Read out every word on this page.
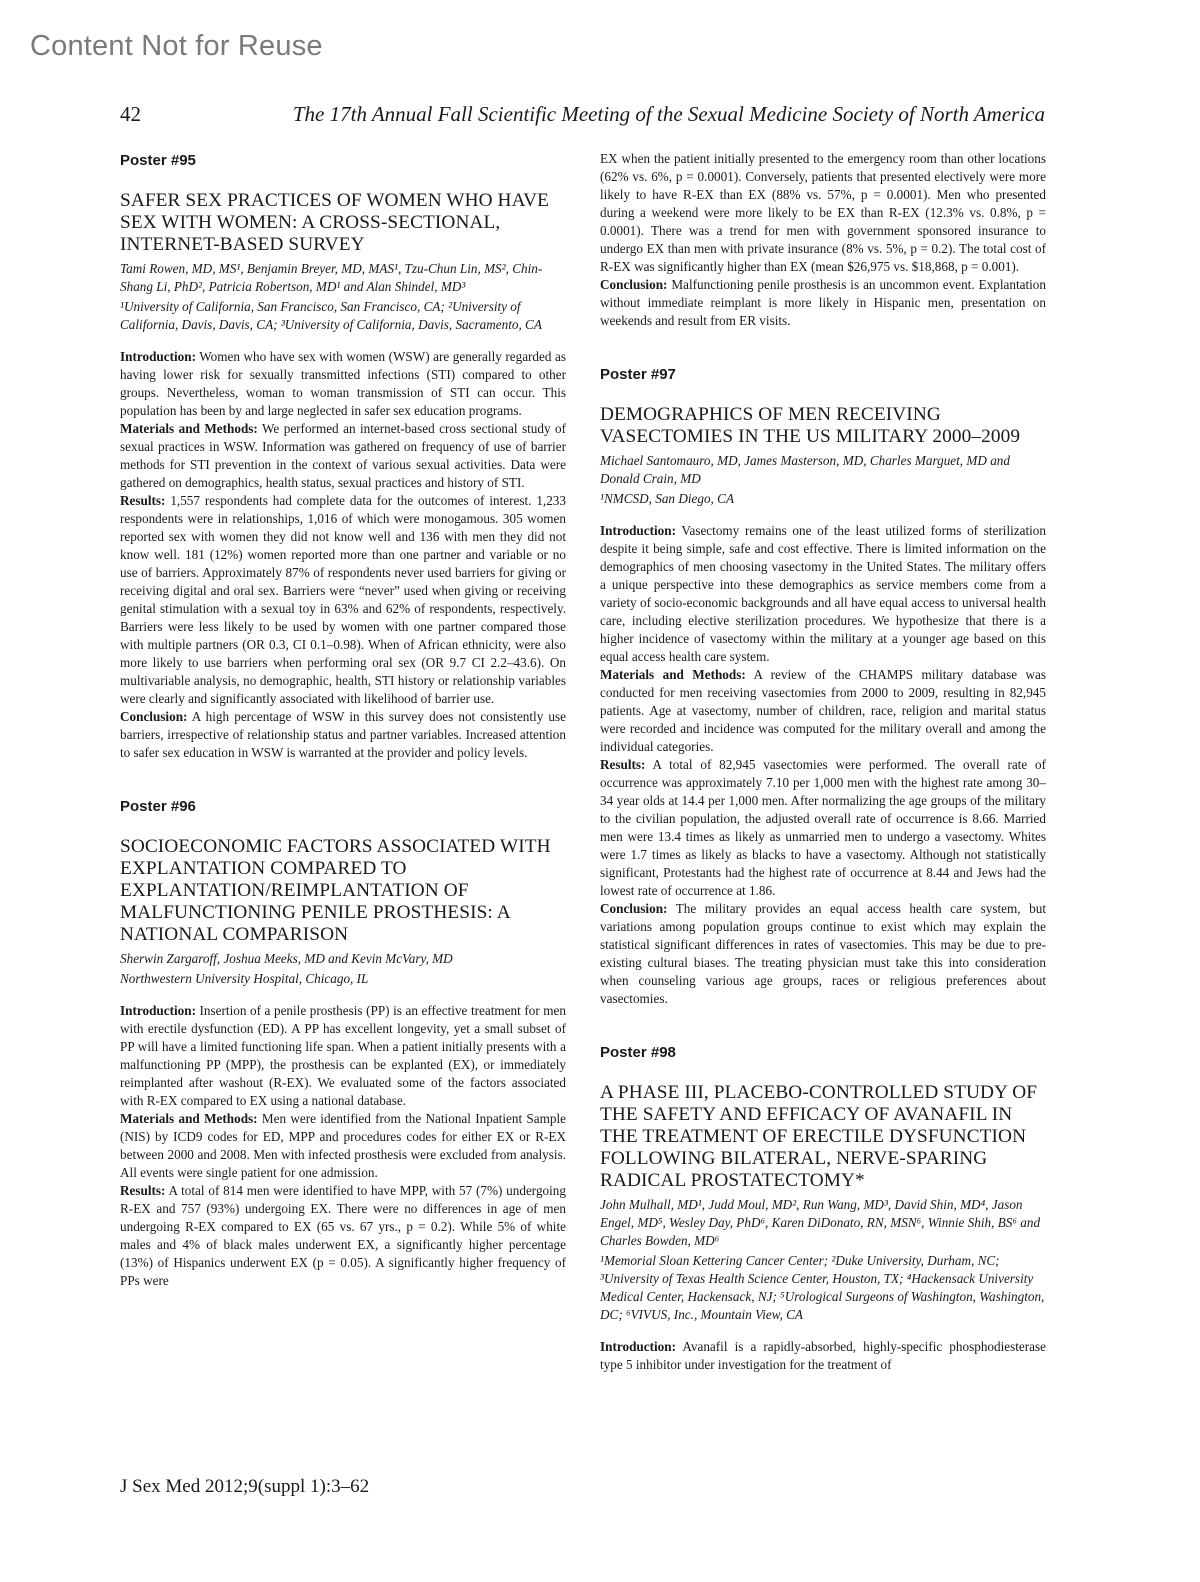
Content Not for Reuse
42	The 17th Annual Fall Scientific Meeting of the Sexual Medicine Society of North America
Poster #95
SAFER SEX PRACTICES OF WOMEN WHO HAVE SEX WITH WOMEN: A CROSS-SECTIONAL, INTERNET-BASED SURVEY

Tami Rowen, MD, MS¹, Benjamin Breyer, MD, MAS¹, Tzu-Chun Lin, MS², Chin-Shang Li, PhD², Patricia Robertson, MD¹ and Alan Shindel, MD³

¹University of California, San Francisco, San Francisco, CA; ²University of California, Davis, Davis, CA; ³University of California, Davis, Sacramento, CA

Introduction: Women who have sex with women (WSW) are generally regarded as having lower risk for sexually transmitted infections (STI) compared to other groups. Nevertheless, woman to woman transmission of STI can occur. This population has been by and large neglected in safer sex education programs.

Materials and Methods: We performed an internet-based cross sectional study of sexual practices in WSW. Information was gathered on frequency of use of barrier methods for STI prevention in the context of various sexual activities. Data were gathered on demographics, health status, sexual practices and history of STI.

Results: 1,557 respondents had complete data for the outcomes of interest. 1,233 respondents were in relationships, 1,016 of which were monogamous. 305 women reported sex with women they did not know well and 136 with men they did not know well. 181 (12%) women reported more than one partner and variable or no use of barriers. Approximately 87% of respondents never used barriers for giving or receiving digital and oral sex. Barriers were “never” used when giving or receiving genital stimulation with a sexual toy in 63% and 62% of respondents, respectively. Barriers were less likely to be used by women with one partner compared those with multiple partners (OR 0.3, CI 0.1–0.98). When of African ethnicity, were also more likely to use barriers when performing oral sex (OR 9.7 CI 2.2–43.6). On multivariable analysis, no demographic, health, STI history or relationship variables were clearly and significantly associated with likelihood of barrier use.

Conclusion: A high percentage of WSW in this survey does not consistently use barriers, irrespective of relationship status and partner variables. Increased attention to safer sex education in WSW is warranted at the provider and policy levels.

Poster #96
SOCIOECONOMIC FACTORS ASSOCIATED WITH EXPLANTATION COMPARED TO EXPLANTATION/REIMPLANTATION OF MALFUNCTIONING PENILE PROSTHESIS: A NATIONAL COMPARISON

Sherwin Zargaroff, Joshua Meeks, MD and Kevin McVary, MD

Northwestern University Hospital, Chicago, IL

Introduction: Insertion of a penile prosthesis (PP) is an effective treatment for men with erectile dysfunction (ED). A PP has excellent longevity, yet a small subset of PP will have a limited functioning life span. When a patient initially presents with a malfunctioning PP (MPP), the prosthesis can be explanted (EX), or immediately reimplanted after washout (R-EX). We evaluated some of the factors associated with R-EX compared to EX using a national database.

Materials and Methods: Men were identified from the National Inpatient Sample (NIS) by ICD9 codes for ED, MPP and procedures codes for either EX or R-EX between 2000 and 2008. Men with infected prosthesis were excluded from analysis. All events were single patient for one admission.

Results: A total of 814 men were identified to have MPP, with 57 (7%) undergoing R-EX and 757 (93%) undergoing EX. There were no differences in age of men undergoing R-EX compared to EX (65 vs. 67 yrs., p = 0.2). While 5% of white males and 4% of black males underwent EX, a significantly higher percentage (13%) of Hispanics underwent EX (p = 0.05). A significantly higher frequency of PPs were

EX when the patient initially presented to the emergency room than other locations (62% vs. 6%, p = 0.0001). Conversely, patients that presented electively were more likely to have R-EX than EX (88% vs. 57%, p = 0.0001). Men who presented during a weekend were more likely to be EX than R-EX (12.3% vs. 0.8%, p = 0.0001). There was a trend for men with government sponsored insurance to undergo EX than men with private insurance (8% vs. 5%, p = 0.2). The total cost of R-EX was significantly higher than EX (mean $26,975 vs. $18,868, p = 0.001).

Conclusion: Malfunctioning penile prosthesis is an uncommon event. Explantation without immediate reimplant is more likely in Hispanic men, presentation on weekends and result from ER visits.

Poster #97
DEMOGRAPHICS OF MEN RECEIVING VASECTOMIES IN THE US MILITARY 2000–2009

Michael Santomauro, MD, James Masterson, MD, Charles Marguet, MD and Donald Crain, MD

¹NMCSD, San Diego, CA

Introduction: Vasectomy remains one of the least utilized forms of sterilization despite it being simple, safe and cost effective. There is limited information on the demographics of men choosing vasectomy in the United States. The military offers a unique perspective into these demographics as service members come from a variety of socio-economic backgrounds and all have equal access to universal health care, including elective sterilization procedures. We hypothesize that there is a higher incidence of vasectomy within the military at a younger age based on this equal access health care system.

Materials and Methods: A review of the CHAMPS military database was conducted for men receiving vasectomies from 2000 to 2009, resulting in 82,945 patients. Age at vasectomy, number of children, race, religion and marital status were recorded and incidence was computed for the military overall and among the individual categories.

Results: A total of 82,945 vasectomies were performed. The overall rate of occurrence was approximately 7.10 per 1,000 men with the highest rate among 30–34 year olds at 14.4 per 1,000 men. After normalizing the age groups of the military to the civilian population, the adjusted overall rate of occurrence is 8.66. Married men were 13.4 times as likely as unmarried men to undergo a vasectomy. Whites were 1.7 times as likely as blacks to have a vasectomy. Although not statistically significant, Protestants had the highest rate of occurrence at 8.44 and Jews had the lowest rate of occurrence at 1.86.

Conclusion: The military provides an equal access health care system, but variations among population groups continue to exist which may explain the statistical significant differences in rates of vasectomies. This may be due to pre-existing cultural biases. The treating physician must take this into consideration when counseling various age groups, races or religious preferences about vasectomies.

Poster #98
A PHASE III, PLACEBO-CONTROLLED STUDY OF THE SAFETY AND EFFICACY OF AVANAFIL IN THE TREATMENT OF ERECTILE DYSFUNCTION FOLLOWING BILATERAL, NERVE-SPARING RADICAL PROSTATECTOMY*

John Mulhall, MD¹, Judd Moul, MD², Run Wang, MD³, David Shin, MD⁴, Jason Engel, MD⁵, Wesley Day, PhD⁶, Karen DiDonato, RN, MSN⁶, Winnie Shih, BS⁶ and Charles Bowden, MD⁶

¹Memorial Sloan Kettering Cancer Center; ²Duke University, Durham, NC; ³University of Texas Health Science Center, Houston, TX; ⁴Hackensack University Medical Center, Hackensack, NJ; ⁵Urological Surgeons of Washington, Washington, DC; ⁶VIVUS, Inc., Mountain View, CA

Introduction: Avanafil is a rapidly-absorbed, highly-specific phosphodiesterase type 5 inhibitor under investigation for the treatment of

J Sex Med 2012;9(suppl 1):3–62
